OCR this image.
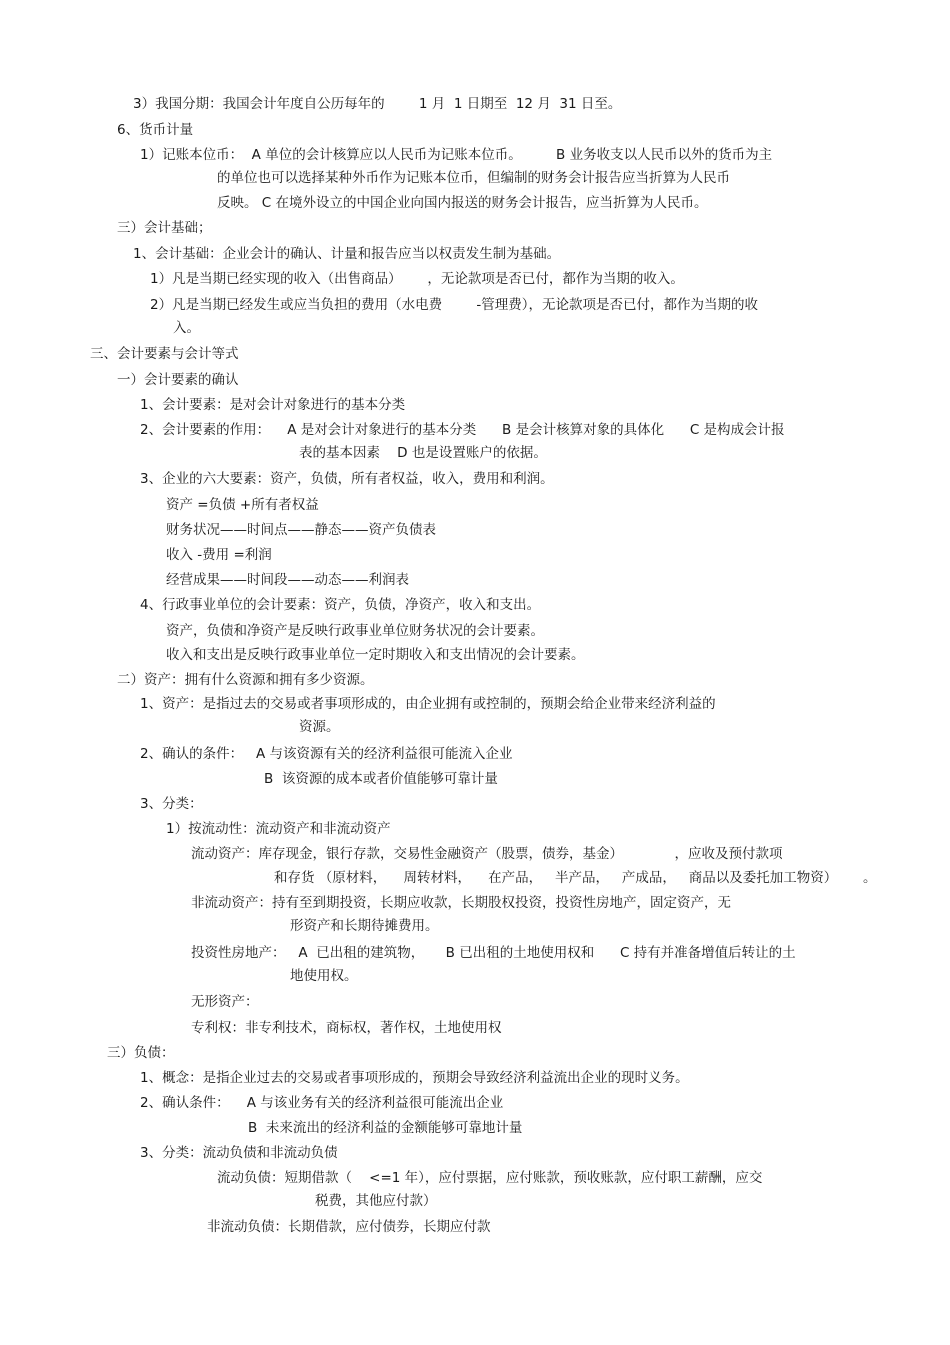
3）我国分期：我国会计年度自公历每年的        1 月  1 日期至  12 月  31 日至。
6、货币计量
1）记账本位币：  A 单位的会计核算应以人民币为记账本位币。        B 业务收支以人民币以外的货币为主
的单位也可以选择某种外币作为记账本位币，但编制的财务会计报告应当折算为人民币
反映。 C 在境外设立的中国企业向国内报送的财务会计报告，应当折算为人民币。
三）会计基础；
1、会计基础：企业会计的确认、计量和报告应当以权责发生制为基础。
1）凡是当期已经实现的收入（出售商品）      ，无论款项是否已付，都作为当期的收入。
2）凡是当期已经发生或应当负担的费用（水电费        -管理费），无论款项是否已付，都作为当期的收
入。
三、会计要素与会计等式
一）会计要素的确认
1、会计要素：是对会计对象进行的基本分类
2、会计要素的作用：    A 是对会计对象进行的基本分类      B 是会计核算对象的具体化      C 是构成会计报
表的基本因素    D 也是设置账户的依据。
3、企业的六大要素：资产，负债，所有者权益，收入，费用和利润。
资产 =负债 +所有者权益
财务状况——时间点——静态——资产负债表
收入 -费用 =利润
经营成果——时间段——动态——利润表
4、行政事业单位的会计要素：资产，负债，净资产，收入和支出。
资产，负债和净资产是反映行政事业单位财务状况的会计要素。
收入和支出是反映行政事业单位一定时期收入和支出情况的会计要素。
二）资产：拥有什么资源和拥有多少资源。
1、资产：是指过去的交易或者事项形成的，由企业拥有或控制的，预期会给企业带来经济利益的
资源。
2、确认的条件：   A 与该资源有关的经济利益很可能流入企业
B  该资源的成本或者价值能够可靠计量
3、分类：
1）按流动性：流动资产和非流动资产
流动资产：库存现金，银行存款，交易性金融资产（股票，债券，基金）            ，应收及预付款项
和存货 （原材料，    周转材料，    在产品，   半产品，   产成品，   商品以及委托加工物资）      。
非流动资产：持有至到期投资，长期应收款，长期股权投资，投资性房地产，固定资产，无
形资产和长期待摊费用。
投资性房地产：   A  已出租的建筑物，     B 已出租的土地使用权和      C 持有并准备增值后转让的土
地使用权。
无形资产：
专利权：非专利技术，商标权，著作权，土地使用权
三）负债：
1、概念：是指企业过去的交易或者事项形成的，预期会导致经济利益流出企业的现时义务。
2、确认条件：    A 与该业务有关的经济利益很可能流出企业
B  未来流出的经济利益的金额能够可靠地计量
3、分类：流动负债和非流动负债
流动负债：短期借款（    <=1 年），应付票据，应付账款，预收账款，应付职工薪酬，应交
税费，其他应付款）
非流动负债：长期借款，应付债券，长期应付款
